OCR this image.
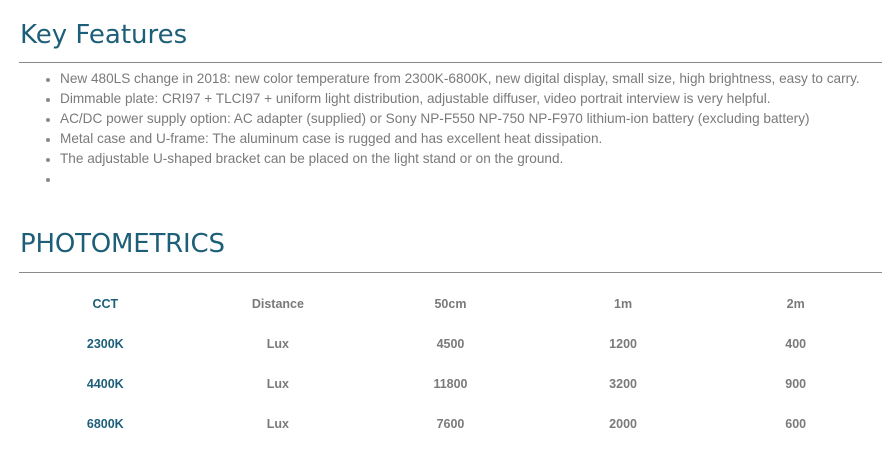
Key Features
• New 480LS change in 2018: new color temperature from 2300K-6800K, new digital display, small size, high brightness, easy to carry.
• Dimmable plate: CRI97 + TLCI97 + uniform light distribution, adjustable diffuser, video portrait interview is very helpful.
• AC/DC power supply option: AC adapter (supplied) or Sony NP-F550 NP-750 NP-F970 lithium-ion battery (excluding battery)
• Metal case and U-frame: The aluminum case is rugged and has excellent heat dissipation.
• The adjustable U-shaped bracket can be placed on the light stand or on the ground.
•
PHOTOMETRICS
CCT	Distance	50cm	1m	2m
2300K	Lux	4500	1200	400
4400K	Lux	11800	3200	900
6800K	Lux	7600	2000	600
